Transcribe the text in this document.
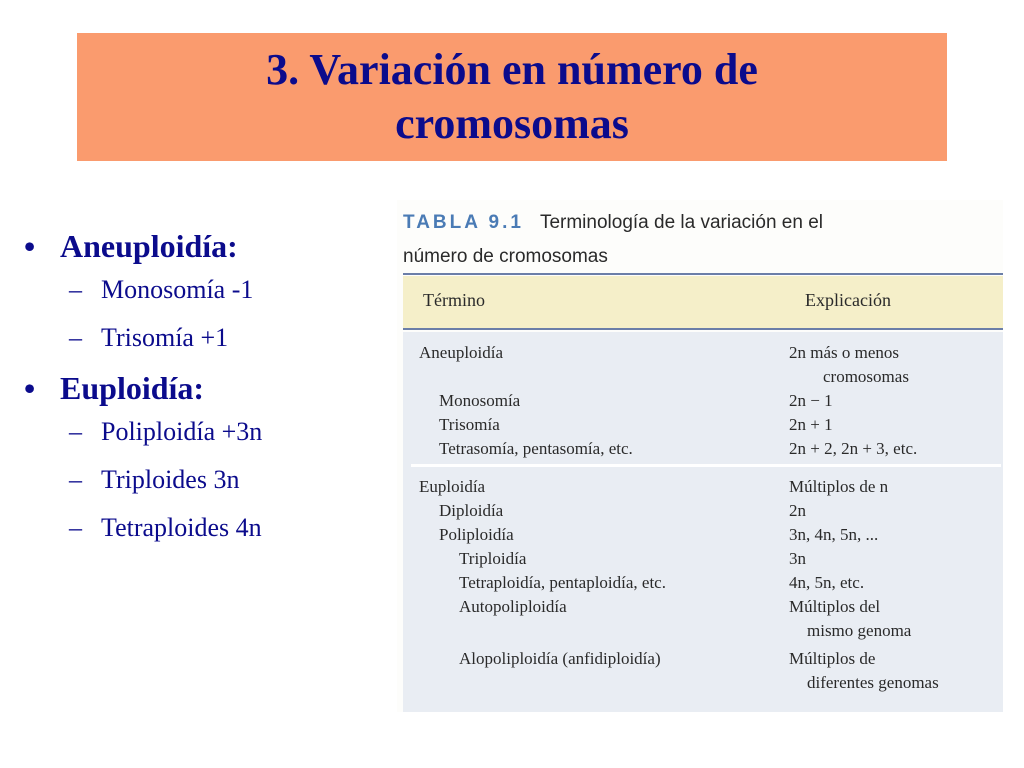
3. Variación en número de
cromosomas
• Aneuploidía:
– Monosomía -1
– Trisomía +1
• Euploidía:
– Poliploidía +3n
– Triploides 3n
– Tetraploides 4n
TABLA 9.1 Terminología de la variación en el
número de cromosomas
Término	Explicación
Aneuploidía	2n más o menos
cromosomas
Monosomía	2n − 1
Trisomía	2n + 1
Tetrasomía, pentasomía, etc.	2n + 2, 2n + 3, etc.
Euploidía	Múltiplos de n
Diploidía	2n
Poliploidía	3n, 4n, 5n, ...
Triploidía	3n
Tetraploidía, pentaploidía, etc.	4n, 5n, etc.
Autopoliploidía	Múltiplos del
mismo genoma
Alopoliploidía (anfidiploidía)	Múltiplos de
diferentes genomas
